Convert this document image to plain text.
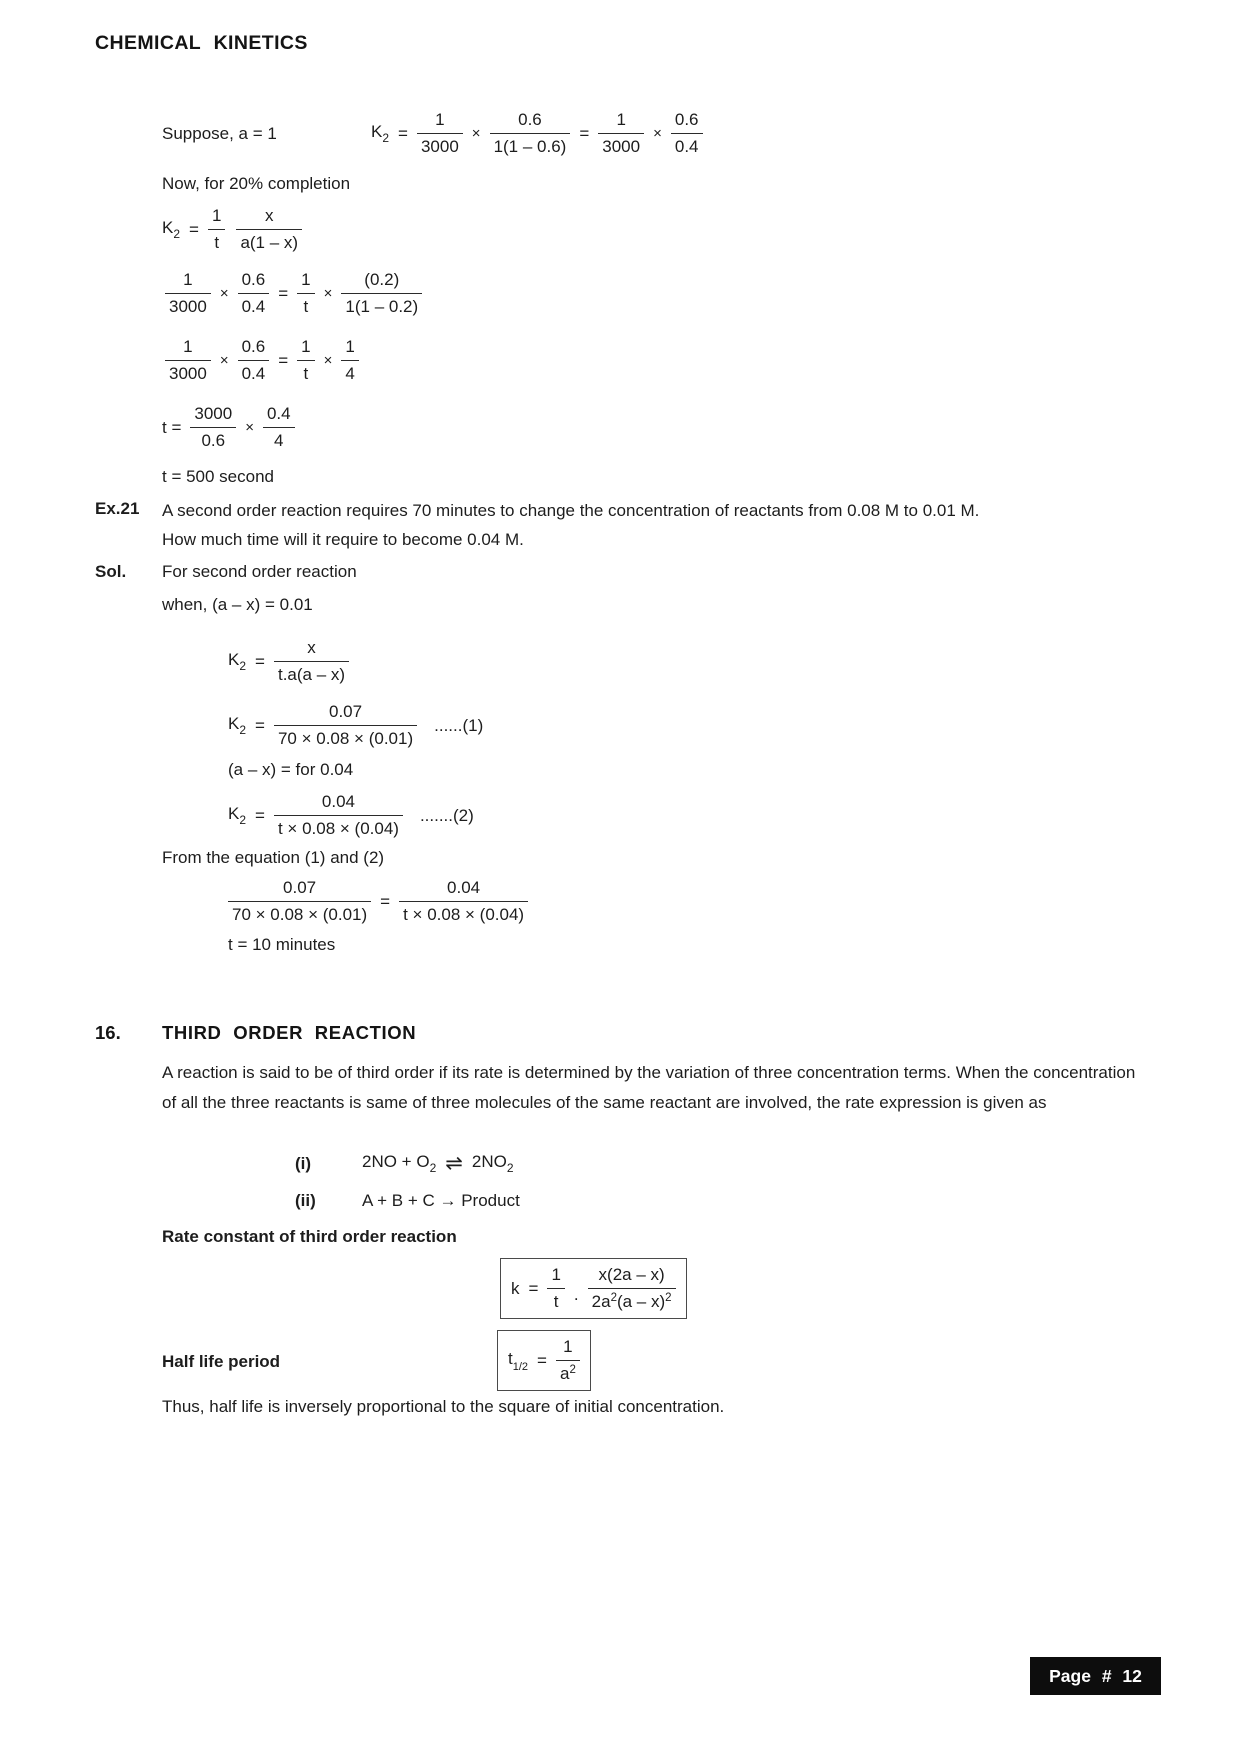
CHEMICAL KINETICS
Suppose, a = 1	$K_2 = \frac{1}{3000} \times \frac{0.6}{1(1 - 0.6)} = \frac{1}{3000} \times \frac{0.6}{0.4}$
Now, for 20% completion
$K_2 = \frac{1}{t} \frac{x}{a(1 - x)}$
$\frac{1}{3000} \times \frac{0.6}{0.4} = \frac{1}{t} \times \frac{(0.2)}{1(1 - 0.2)}$
$\frac{1}{3000} \times \frac{0.6}{0.4} = \frac{1}{t} \times \frac{1}{4}$
$t = \frac{3000}{0.6} \times \frac{0.4}{4}$
t = 500 second
Ex.21 A second order reaction requires 70 minutes to change the concentration of reactants from 0.08 M to 0.01 M.
How much time will it require to become 0.04 M.
Sol. For second order reaction
when, (a – x) = 0.01
$K_2 = \frac{x}{t.a(a - x)}$
$K_2 = \frac{0.07}{70 \times 0.08 \times (0.01)} ......(1)$
(a – x) = for 0.04
$K_2 = \frac{0.04}{t \times 0.08 \times (0.04)} .......(2)$
From the equation (1) and (2)
$\frac{0.07}{70 \times 0.08 \times (0.01)} = \frac{0.04}{t \times 0.08 \times (0.04)}$
t = 10 minutes
16. THIRD ORDER REACTION
A reaction is said to be of third order if its rate is determined by the variation of three concentration terms. When the concentration of all the three reactants is same of three molecules of the same reactant are involved, the rate expression is given as
(i)	$2NO + O_2$ ⇌ $2NO_2$
(ii)	A + B + C → Product
Rate constant of third order reaction
$k = \frac{1}{t}$ . $\frac{x(2a - x)}{2a^2(a - x)^2}$
Half life period	$t_{1/2} = \frac{1}{a^2}$
Thus, half life is inversely proportional to the square of initial concentration.
Page # 12
